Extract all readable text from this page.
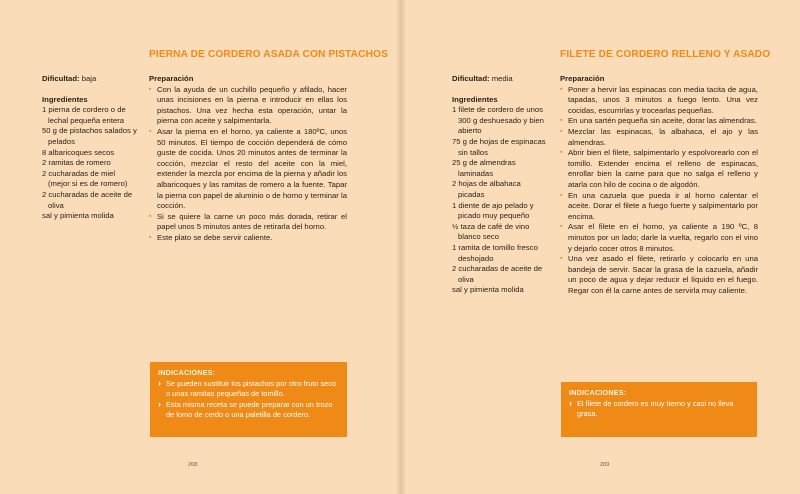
PIERNA DE CORDERO ASADA CON PISTACHOS

Dificultad: baja

Ingredientes

1 pierna de cordero o de lechal pequeña entera
50 g de pistachos salados y pelados
8 albaricoques secos
2 ramitas de romero
2 cucharadas de miel (mejor si es de romero)
2 cucharadas de aceite de oliva
sal y pimienta molida

Preparación

▪ Con la ayuda de un cuchillo pequeño y afilado, hacer unas incisiones en la pierna e introducir en ellas los pistachos. Una vez hecha esta operación, untar la pierna con aceite y salpimentarla.
▪ Asar la pierna en el horno, ya caliente a 180ºC, unos 50 minutos. El tiempo de cocción dependerá de cómo guste de cocida. Unos 20 minutos antes de terminar la cocción, mezclar el resto del aceite con la miel, extender la mezcla por encima de la pierna y añadir los albaricoques y las ramitas de romero a la fuente. Tapar la pierna con papel de aluminio o de horno y terminar la cocción.
▪ Si se quiere la carne un poco más dorada, retirar el papel unos 5 minutos antes de retirarla del horno.
▪ Este plato se debe servir caliente.

INDICACIONES:

› Se pueden sustituir los pistachos por otro fruto seco o unas ramitas pequeñas de tomillo.
› Esta misma receta se puede preparar con un trozo de lomo de cerdo o una paletilla de cordero.

208

FILETE DE CORDERO RELLENO Y ASADO

Dificultad: media

Ingredientes

1 filete de cordero de unos 300 g deshuesado y bien abierto
75 g de hojas de espinacas sin tallos
25 g de almendras laminadas
2 hojas de albahaca picadas
1 diente de ajo pelado y picado muy pequeño
½ taza de café de vino blanco seco
1 ramita de tomillo fresco deshojado
2 cucharadas de aceite de oliva
sal y pimienta molida

Preparación

▪ Poner a hervir las espinacas con media tacita de agua, tapadas, unos 3 minutos a fuego lento. Una vez cocidas, escurrirlas y trocearlas pequeñas.
▪ En una sartén pequeña sin aceite, dorar las almendras.
▪ Mezclar las espinacas, la albahaca, el ajo y las almendras.
▪ Abrir bien el filete, salpimentarlo y espolvorearlo con el tomillo. Extender encima el relleno de espinacas, enrollar bien la carne para que no salga el relleno y atarla con hilo de cocina o de algodón.
▪ En una cazuela que pueda ir al horno calentar el aceite. Dorar el filete a fuego fuerte y salpimentarlo por encima.
▪ Asar el filete en el horno, ya caliente a 190 ºC, 8 minutos por un lado; darle la vuelta, regarlo con el vino y dejarlo cocer otros 8 minutos.
▪ Una vez asado el filete, retirarlo y colocarlo en una bandeja de servir. Sacar la grasa de la cazuela, añadir un poco de agua y dejar reducir el líquido en el fuego. Regar con él la carne antes de servirla muy caliente.

INDICACIONES:

› El filete de cordero es muy tierno y casi no lleva grasa.

209
